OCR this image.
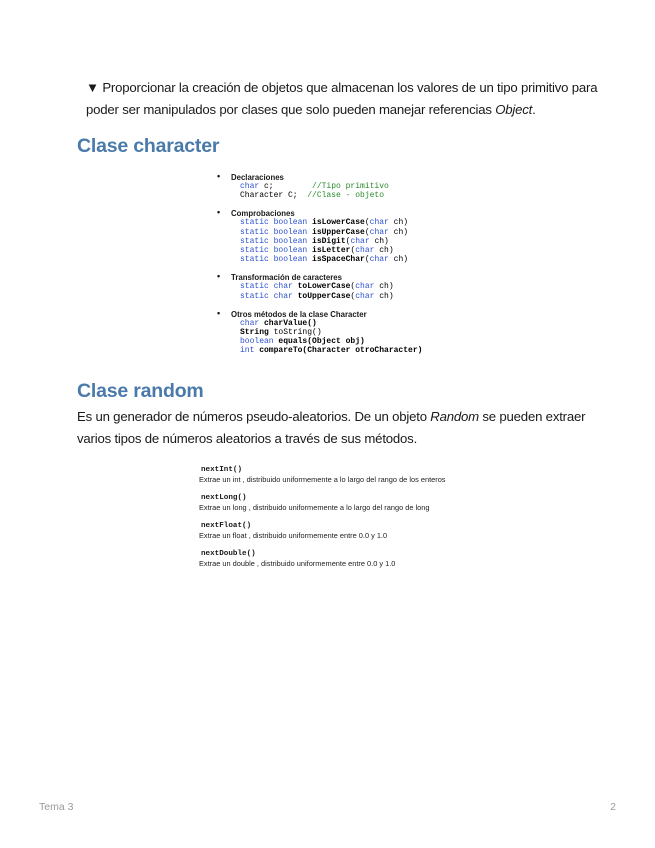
▼ Proporcionar la creación de objetos que almacenan los valores de un tipo primitivo para poder ser manipulados por clases que solo pueden manejar referencias Object.
Clase character
• Declaraciones
char c;        //Tipo primitivo
Character C;  //Clase - objeto
• Comprobaciones
static boolean isLowerCase(char ch)
static boolean isUpperCase(char ch)
static boolean isDigit(char ch)
static boolean isLetter(char ch)
static boolean isSpaceChar(char ch)
• Transformación de caracteres
static char toLowerCase(char ch)
static char toUpperCase(char ch)
• Otros métodos de la clase Character
char charValue()
String toString()
boolean equals(Object obj)
int compareTo(Character otroCharacter)
Clase random
Es un generador de números pseudo-aleatorios. De un objeto Random se pueden extraer varios tipos de números aleatorios a través de sus métodos.
nextInt()
Extrae un int , distribuido uniformemente a lo largo del rango de los enteros
nextLong()
Extrae un long , distribuido uniformemente a lo largo del rango de long
nextFloat()
Extrae un float , distribuido uniformemente entre 0.0 y 1.0
nextDouble()
Extrae un double , distribuido uniformemente entre 0.0 y 1.0
Tema 3	2
